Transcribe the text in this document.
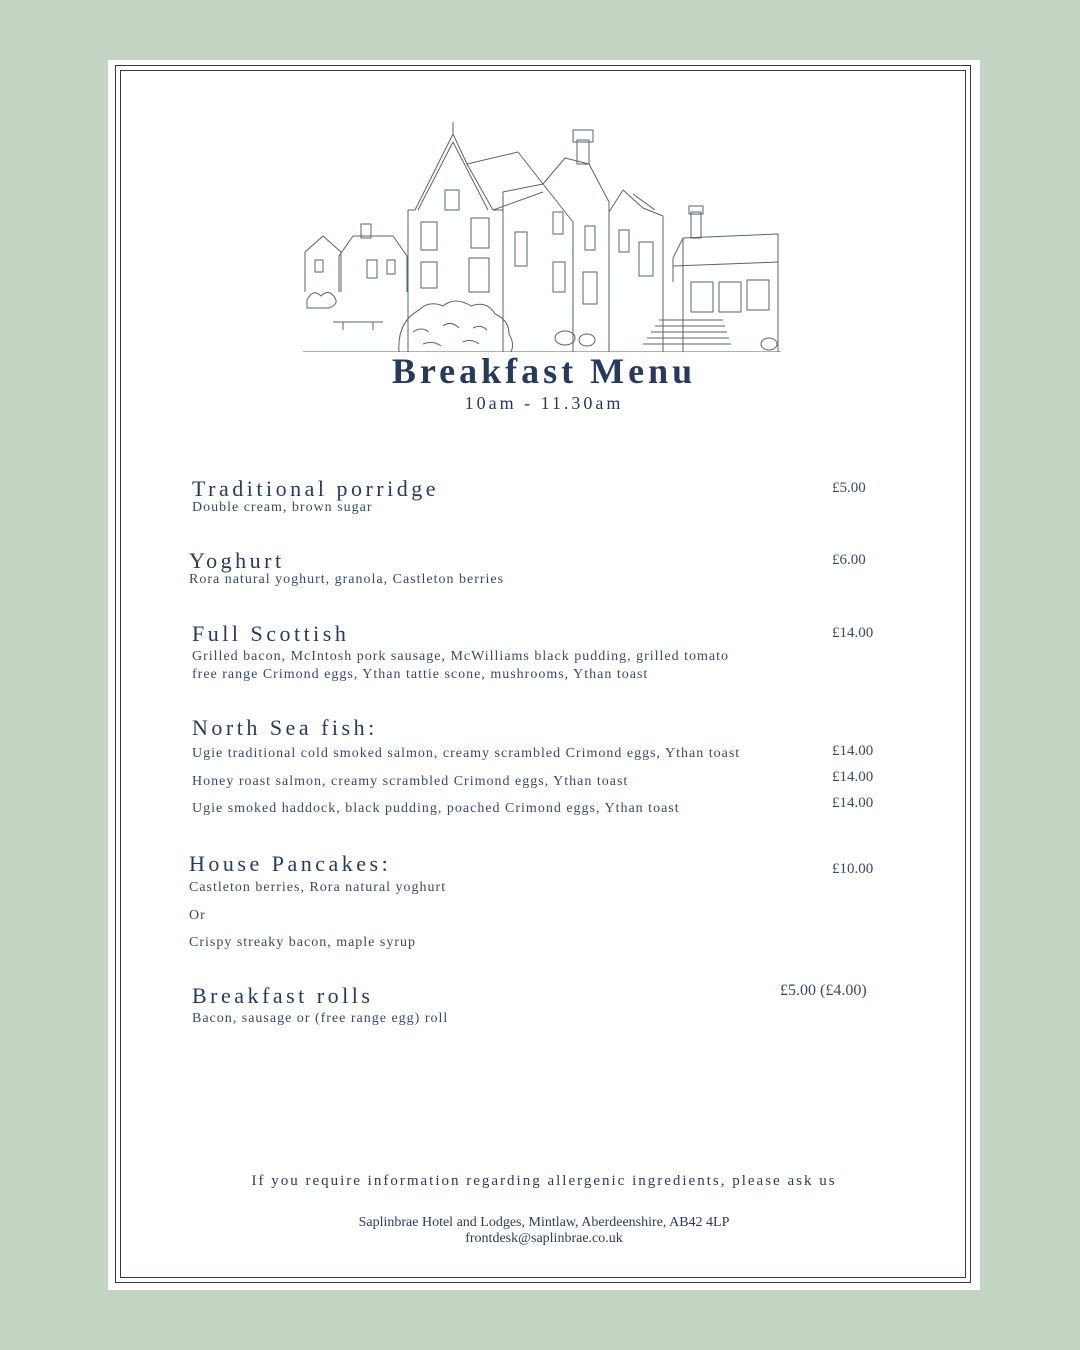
Breakfast Menu
10am - 11.30am
Traditional porridge
Double cream, brown sugar
£5.00
Yoghurt
Rora natural yoghurt, granola, Castleton berries
£6.00
Full Scottish
Grilled bacon, McIntosh pork sausage, McWilliams black pudding, grilled tomato
free range Crimond eggs, Ythan tattie scone, mushrooms, Ythan toast
£14.00
North Sea fish:
Ugie traditional cold smoked salmon, creamy scrambled Crimond eggs, Ythan toast	£14.00
Honey roast salmon, creamy scrambled Crimond eggs, Ythan toast	£14.00
Ugie smoked haddock, black pudding, poached Crimond eggs, Ythan toast	£14.00
House Pancakes:
Castleton berries, Rora natural yoghurt
Or
Crispy streaky bacon, maple syrup
£10.00
Breakfast rolls
Bacon, sausage or (free range egg) roll
£5.00 (£4.00)
If you require information regarding allergenic ingredients, please ask us
Saplinbrae Hotel and Lodges, Mintlaw, Aberdeenshire, AB42 4LP
frontdesk@saplinbrae.co.uk
